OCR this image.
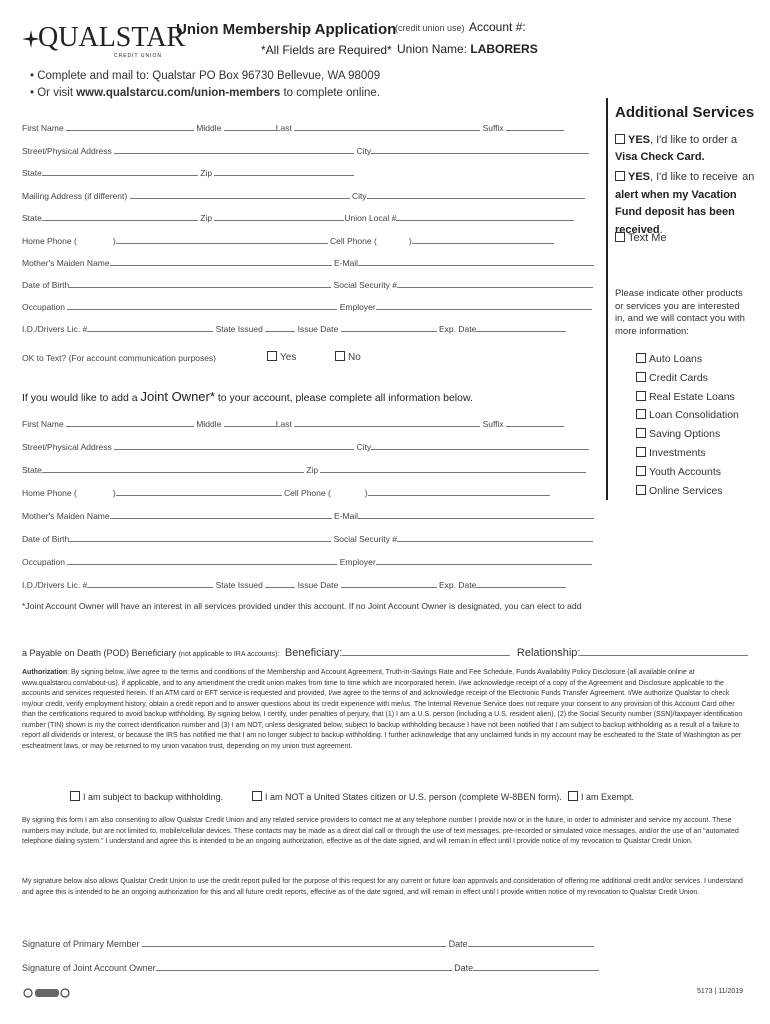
QUALSTAR
CREDIT UNION
Union Membership Application
*All Fields are Required*
(credit union use) Account #:
Union Name: LABORERS
• Complete and mail to: Qualstar PO Box 96730 Bellevue, WA 98009
• Or visit www.qualstarcu.com/union-members to complete online.
First Name	Middle	Last	Suffix
Street/Physical Address	City
State	Zip
Mailing Address (if different)	City
State	Zip	Union Local #
Home Phone (	)	Cell Phone (	)
Mother's Maiden Name	E-Mail
Date of Birth	Social Security #
Occupation	Employer
I.D./Drivers Lic. #	State Issued	Issue Date	Exp. Date
OK to Text? (For account communication purposes)	Yes	No
If you would like to add a Joint Owner* to your account, please complete all information below.
First Name	Middle	Last	Suffix
Street/Physical Address	City
State	Zip
Home Phone (	)	Cell Phone (	)
Mother's Maiden Name	E-Mail
Date of Birth	Social Security #
Occupation	Employer
I.D./Drivers Lic. #	State Issued	Issue Date	Exp. Date
*Joint Account Owner will have an interest in all services provided under this account. If no Joint Account Owner is designated, you can elect to add
a Payable on Death (POD) Beneficiary (not applicable to IRA accounts): Beneficiary:	Relationship:
Authorization: By signing below, I/we agree to the terms and conditions of the Membership and Account Agreement, Truth-in-Savings Rate and Fee Schedule, Funds Availability Policy Disclosure (all available online at www.qualstarcu.com/about-us), if applicable, and to any amendment the credit union makes from time to time which are incorporated herein. I/we acknowledge receipt of a copy of the Agreement and Disclosure applicable to the accounts and services requested herein. If an ATM card or EFT service is requested and provided, I/we agree to the terms of and acknowledge receipt of the Electronic Funds Transfer Agreement. I/We authorize Qualstar to check my/our credit, verify employment history, obtain a credit report and to answer questions about its credit experience with me/us. The Internal Revenue Service does not require your consent to any provision of this Account Card other than the certifications required to avoid backup withholding. By signing below, I certify, under penalties of perjury, that (1) I am a U.S. person (including a U.S. resident alien), (2) the Social Security number (SSN)/taxpayer identification number (TIN) shown is my the correct identification number and (3) I am NOT, unless designated below, subject to backup withholding because I have not been notified that I am subject to backup withholding as a result of a failure to report all dividends or interest, or because the IRS has notified me that I am no longer subject to backup withholding. I further acknowledge that any unclaimed funds in my account may be escheated to the State of Washington as per escheatment laws, or may be returned to my union vacation trust, depending on my union trust agreement.
I am subject to backup withholding.	I am NOT a United States citizen or U.S. person (complete W-8BEN form).	I am Exempt.
By signing this form I am also consenting to allow Qualstar Credit Union and any related service providers to contact me at any telephone number I provide now or in the future, in order to administer and service my account. These numbers may include, but are not limited to, mobile/cellular devices. These contacts may be made as a direct dial call or through the use of text messages, pre-recorded or simulated voice messages, and/or the use of an "automated telephone dialing system." I understand and agree this is intended to be an ongoing authorization, effective as of the date signed, and will remain in effect until I provide notice of my revocation to Qualstar Credit Union.
My signature below also allows Qualstar Credit Union to use the credit report pulled for the purpose of this request for any current or future loan approvals and consideration of offering me additional credit and/or services. I understand and agree this is intended to be an ongoing authorization for this and all future credit reports, effective as of the date signed, and will remain in effect until I provide written notice of my revocation to Qualstar Credit Union.
Signature of Primary Member	Date
Signature of Joint Account Owner	Date
5173 | 11/2019
Additional Services
YES, I'd like to order a Visa Check Card.
YES, I'd like to receive an alert when my Vacation Fund deposit has been received.
Text Me
Please indicate other products or services you are interested in, and we will contact you with more information:
Auto Loans
Credit Cards
Real Estate Loans
Loan Consolidation
Saving Options
Investments
Youth Accounts
Online Services
